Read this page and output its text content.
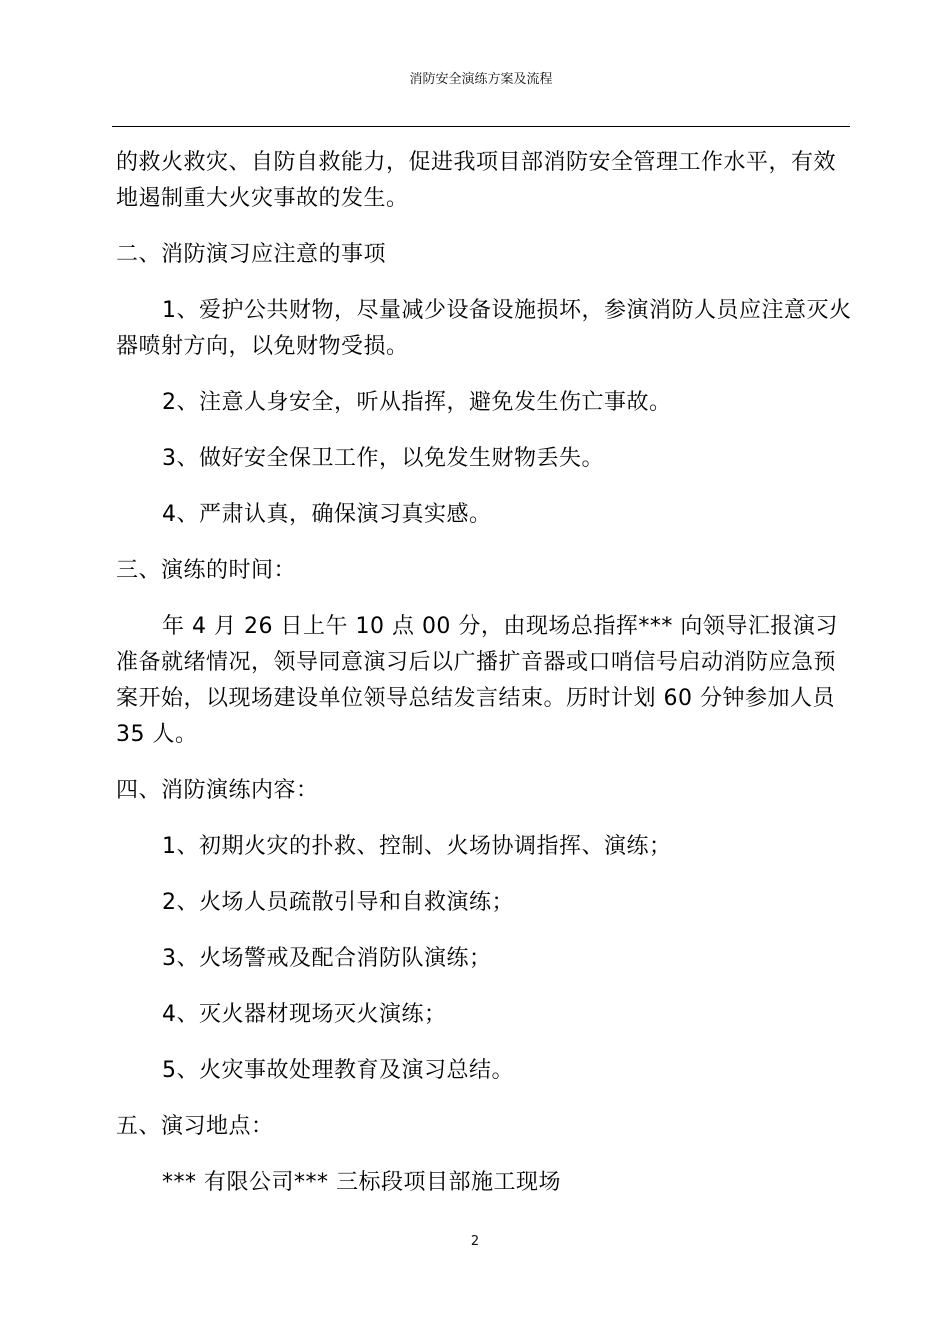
消防安全演练方案及流程

的救火救灾、自防自救能力，促进我项目部消防安全管理工作水平，有效地遏制重大火灾事故的发生。

二、消防演习应注意的事项

1、爱护公共财物，尽量减少设备设施损坏，参演消防人员应注意灭火器喷射方向，以免财物受损。

2、注意人身安全，听从指挥，避免发生伤亡事故。

3、做好安全保卫工作，以免发生财物丢失。

4、严肃认真，确保演习真实感。

三、演练的时间：

年 4 月 26 日上午 10 点 00 分，由现场总指挥*** 向领导汇报演习准备就绪情况，领导同意演习后以广播扩音器或口哨信号启动消防应急预案开始，以现场建设单位领导总结发言结束。历时计划 60 分钟参加人员 35 人。

四、消防演练内容：

1、初期火灾的扑救、控制、火场协调指挥、演练；

2、火场人员疏散引导和自救演练；

3、火场警戒及配合消防队演练；

4、灭火器材现场灭火演练；

5、火灾事故处理教育及演习总结。

五、演习地点：

*** 有限公司*** 三标段项目部施工现场

2
